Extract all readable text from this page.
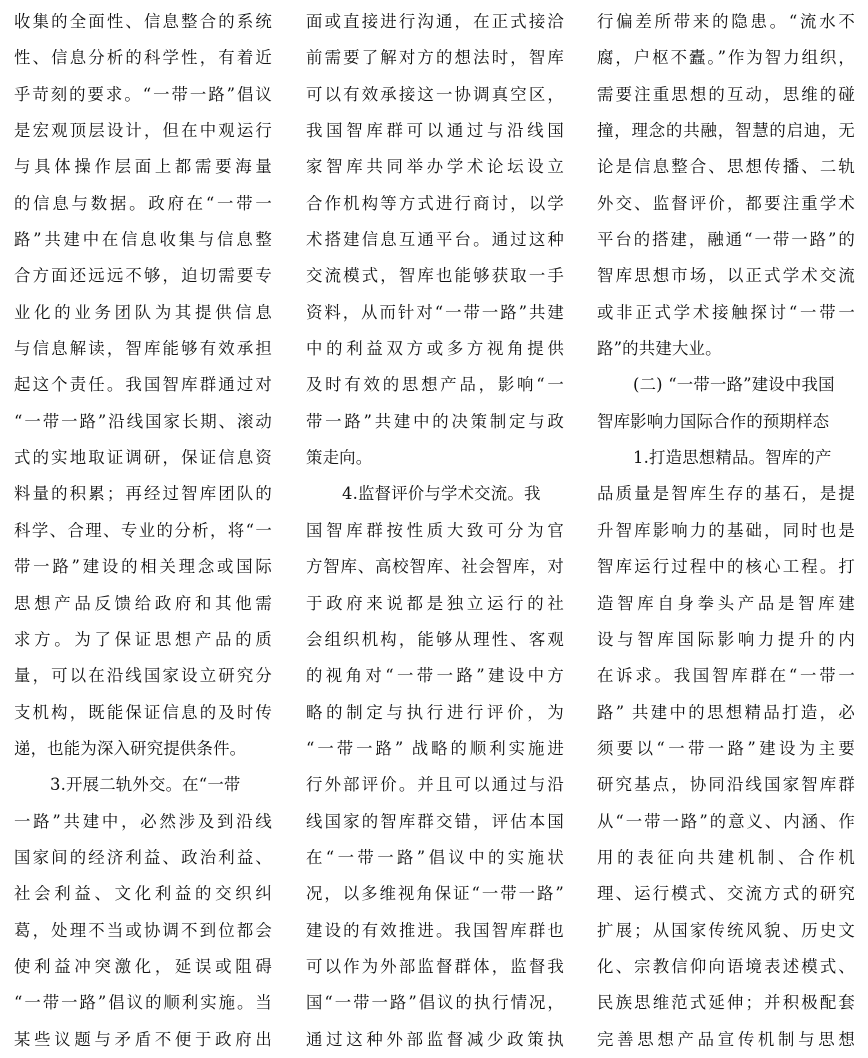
收集的全面性、信息整合的系统
性、信息分析的科学性，有着近
乎苛刻的要求。“一带一路”倡议
是宏观顶层设计，但在中观运行
与具体操作层面上都需要海量
的信息与数据。政府在“一带一
路”共建中在信息收集与信息整
合方面还远远不够，迫切需要专
业化的业务团队为其提供信息
与信息解读，智库能够有效承担
起这个责任。我国智库群通过对
“一带一路”沿线国家长期、滚动
式的实地取证调研，保证信息资
料量的积累；再经过智库团队的
科学、合理、专业的分析，将“一
带一路”建设的相关理念或国际
思想产品反馈给政府和其他需
求方。为了保证思想产品的质
量，可以在沿线国家设立研究分
支机构，既能保证信息的及时传
递，也能为深入研究提供条件。
3.开展二轨外交。在“一带
一路”共建中，必然涉及到沿线
国家间的经济利益、政治利益、
社会利益、文化利益的交织纠
葛，处理不当或协调不到位都会
使利益冲突激化，延误或阻碍
“一带一路”倡议的顺利实施。当
某些议题与矛盾不便于政府出
面或直接进行沟通，在正式接洽
前需要了解对方的想法时，智库
可以有效承接这一协调真空区，
我国智库群可以通过与沿线国
家智库共同举办学术论坛设立
合作机构等方式进行商讨，以学
术搭建信息互通平台。通过这种
交流模式，智库也能够获取一手
资料，从而针对“一带一路”共建
中的利益双方或多方视角提供
及时有效的思想产品，影响“一
带一路”共建中的决策制定与政
策走向。
4.监督评价与学术交流。我
国智库群按性质大致可分为官
方智库、高校智库、社会智库，对
于政府来说都是独立运行的社
会组织机构，能够从理性、客观
的视角对“一带一路”建设中方
略的制定与执行进行评价，为
“一带一路” 战略的顺利实施进
行外部评价。并且可以通过与沿
线国家的智库群交错，评估本国
在“一带一路”倡议中的实施状
况，以多维视角保证“一带一路”
建设的有效推进。我国智库群也
可以作为外部监督群体，监督我
国“一带一路”倡议的执行情况，
通过这种外部监督减少政策执
行偏差所带来的隐患。“流水不
腐，户枢不蠹。”作为智力组织，
需要注重思想的互动，思维的碰
撞，理念的共融，智慧的启迪，无
论是信息整合、思想传播、二轨
外交、监督评价，都要注重学术
平台的搭建，融通“一带一路”的
智库思想市场，以正式学术交流
或非正式学术接触探讨“一带一
路”的共建大业。
(二) “一带一路”建设中我国
智库影响力国际合作的预期样态
1.打造思想精品。智库的产
品质量是智库生存的基石，是提
升智库影响力的基础，同时也是
智库运行过程中的核心工程。打
造智库自身拳头产品是智库建
设与智库国际影响力提升的内
在诉求。我国智库群在“一带一
路” 共建中的思想精品打造，必
须要以“一带一路”建设为主要
研究基点，协同沿线国家智库群
从“一带一路”的意义、内涵、作
用的表征向共建机制、合作机
理、运行模式、交流方式的研究
扩展；从国家传统风貌、历史文
化、宗教信仰向语境表述模式、
民族思维范式延伸；并积极配套
完善思想产品宣传机制与思想
